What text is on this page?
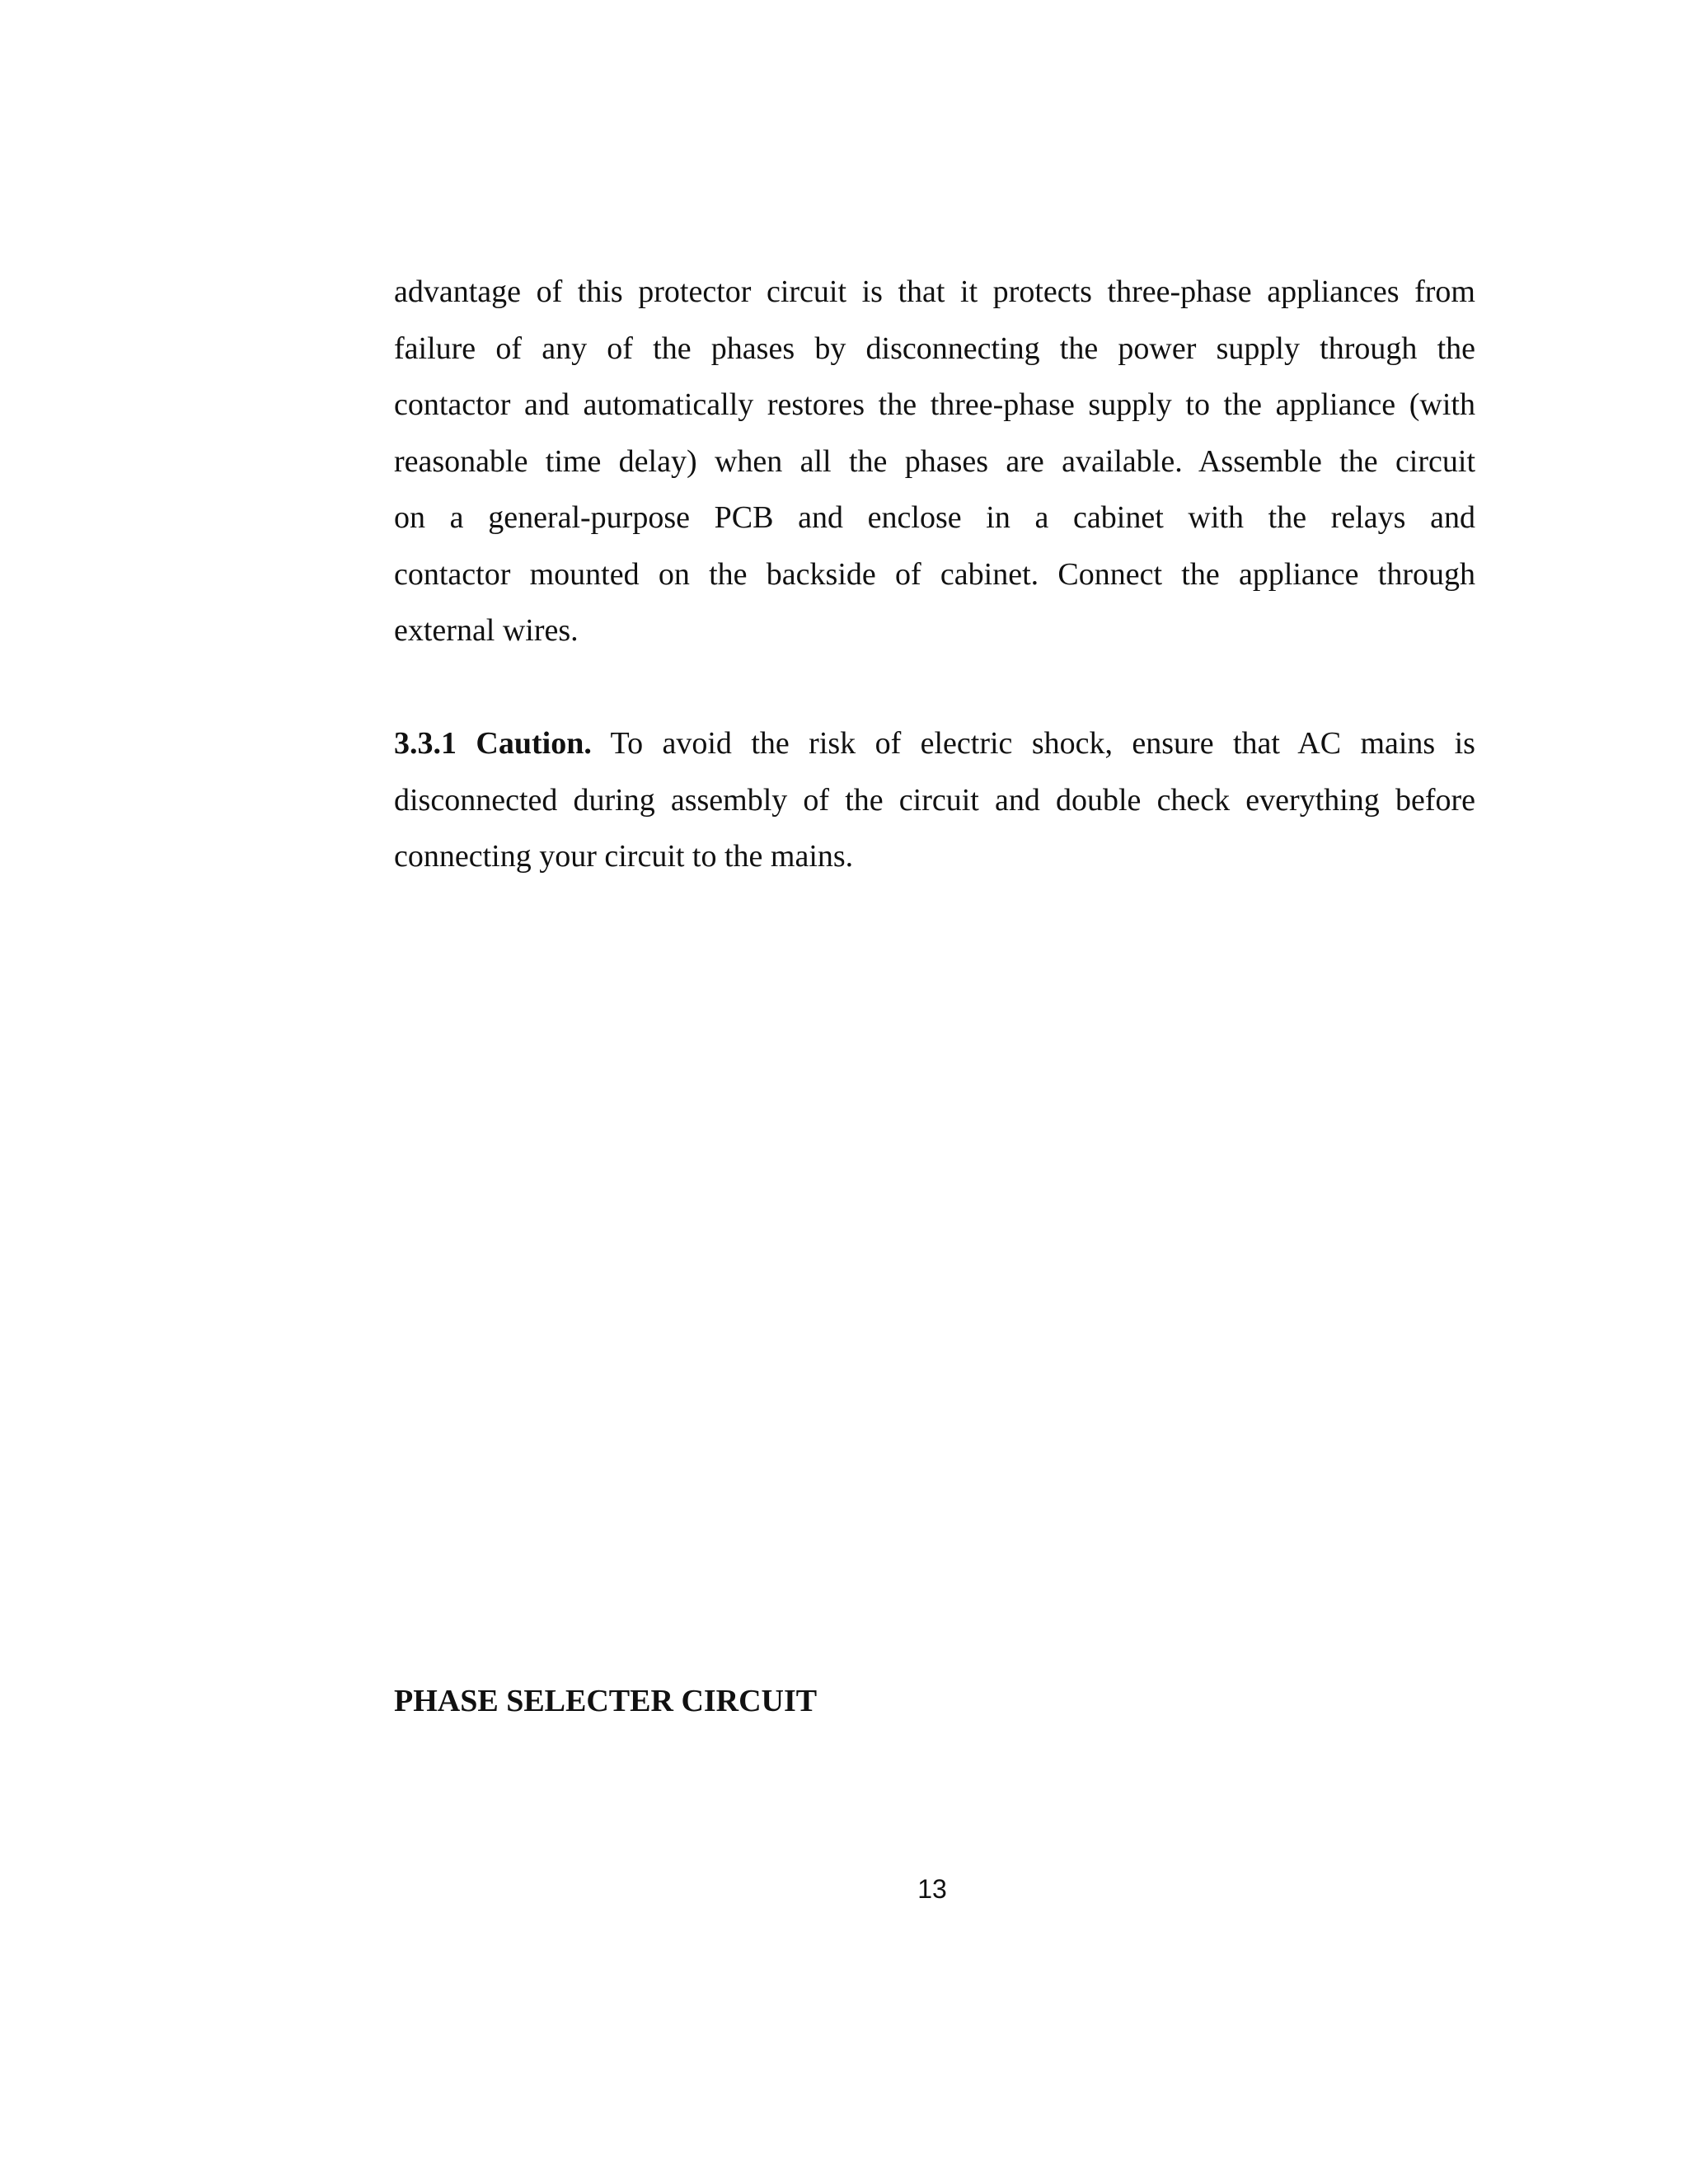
advantage of this protector circuit is that it protects three-phase appliances from
failure of any of the phases by disconnecting the power supply through the
contactor and automatically restores the three-phase supply to the appliance (with
reasonable time delay) when all the phases are available. Assemble the circuit
on a general-purpose PCB and enclose in a cabinet with the relays and
contactor mounted on the backside of cabinet. Connect the appliance through
external wires.
3.3.1 Caution. To avoid the risk of electric shock, ensure that AC mains is
disconnected during assembly of the circuit and double check everything before
connecting your circuit to the mains.
PHASE SELECTER CIRCUIT
13
